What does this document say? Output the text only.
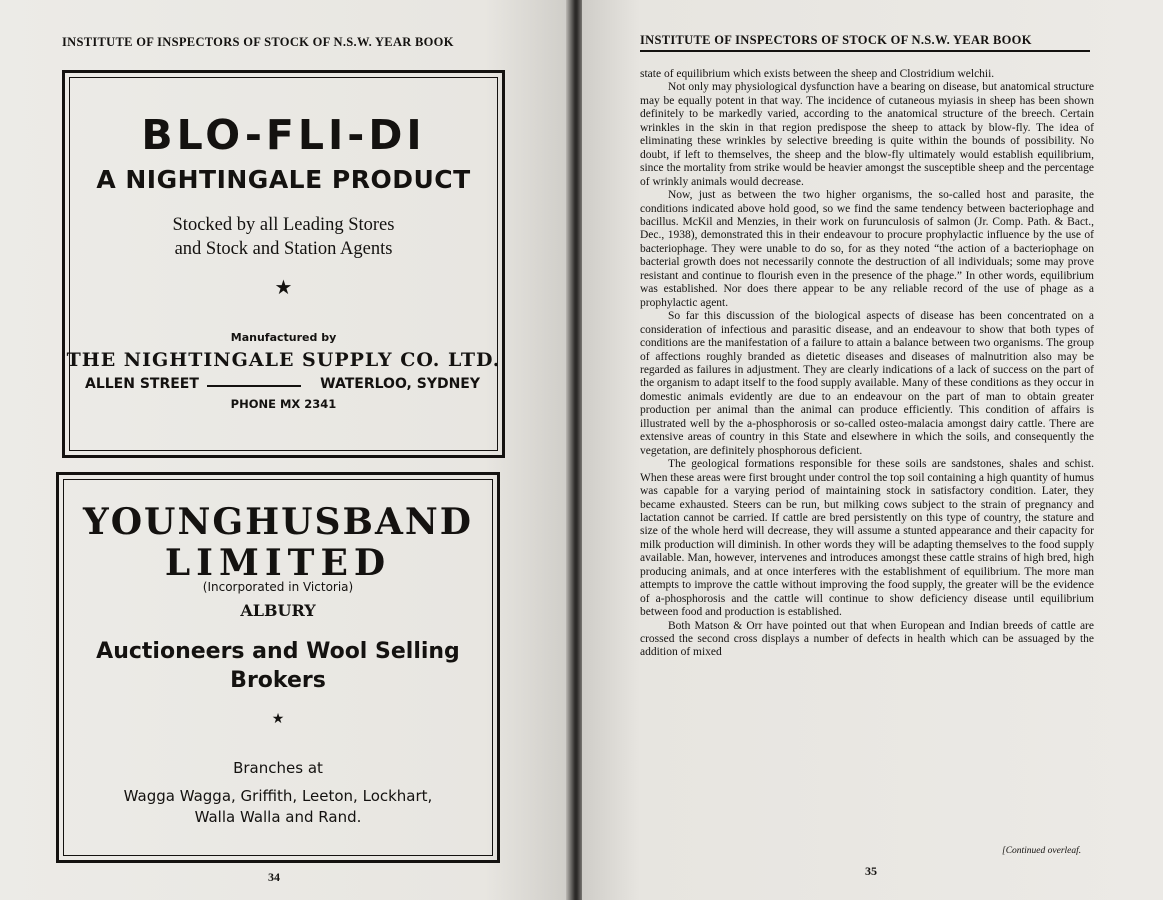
INSTITUTE OF INSPECTORS OF STOCK OF N.S.W. YEAR BOOK
BLO-FLI-DI
A NIGHTINGALE PRODUCT
Stocked by all Leading Stores
and Stock and Station Agents
★
Manufactured by
THE NIGHTINGALE SUPPLY CO. LTD.
ALLEN STREET	WATERLOO, SYDNEY
PHONE MX 2341
YOUNGHUSBAND
LIMITED
(Incorporated in Victoria)
ALBURY
Auctioneers and Wool Selling
Brokers
★
Branches at
Wagga Wagga, Griffith, Leeton, Lockhart,
Walla Walla and Rand.
34
INSTITUTE OF INSPECTORS OF STOCK OF N.S.W. YEAR BOOK

state of equilibrium which exists between the sheep and Clostridium welchii.

Not only may physiological dysfunction have a bearing on disease, but anatomical structure may be equally potent in that way. The incidence of cutaneous myiasis in sheep has been shown definitely to be markedly varied, according to the anatomical structure of the breech. Certain wrinkles in the skin in that region predispose the sheep to attack by blow-fly. The idea of eliminating these wrinkles by selective breeding is quite within the bounds of possibility. No doubt, if left to themselves, the sheep and the blow-fly ultimately would establish equilibrium, since the mortality from strike would be heavier amongst the susceptible sheep and the percentage of wrinkly animals would decrease.

Now, just as between the two higher organisms, the so-called host and parasite, the conditions indicated above hold good, so we find the same tendency between bacteriophage and bacillus. McKil and Menzies, in their work on furunculosis of salmon (Jr. Comp. Path. & Bact., Dec., 1938), demonstrated this in their endeavour to procure prophylactic influence by the use of bacteriophage. They were unable to do so, for as they noted “the action of a bacteriophage on bacterial growth does not necessarily connote the destruction of all individuals; some may prove resistant and continue to flourish even in the presence of the phage.” In other words, equilibrium was established. Nor does there appear to be any reliable record of the use of phage as a prophylactic agent.

So far this discussion of the biological aspects of disease has been concentrated on a consideration of infectious and parasitic disease, and an endeavour to show that both types of conditions are the manifestation of a failure to attain a balance between two organisms. The group of affections roughly branded as dietetic diseases and diseases of malnutrition also may be regarded as failures in adjustment. They are clearly indications of a lack of success on the part of the organism to adapt itself to the food supply available. Many of these conditions as they occur in domestic animals evidently are due to an endeavour on the part of man to obtain greater production per animal than the animal can produce efficiently. This condition of affairs is illustrated well by the a-phosphorosis or so-called osteo-malacia amongst dairy cattle. There are extensive areas of country in this State and elsewhere in which the soils, and consequently the vegetation, are definitely phosphorous deficient.

The geological formations responsible for these soils are sandstones, shales and schist. When these areas were first brought under control the top soil containing a high quantity of humus was capable for a varying period of maintaining stock in satisfactory condition. Later, they became exhausted. Steers can be run, but milking cows subject to the strain of pregnancy and lactation cannot be carried. If cattle are bred persistently on this type of country, the stature and size of the whole herd will decrease, they will assume a stunted appearance and their capacity for milk production will diminish. In other words they will be adapting themselves to the food supply available. Man, however, intervenes and introduces amongst these cattle strains of high bred, high producing animals, and at once interferes with the establishment of equilibrium. The more man attempts to improve the cattle without improving the food supply, the greater will be the evidence of a-phosphorosis and the cattle will continue to show deficiency disease until equilibrium between food and production is established.

Both Matson & Orr have pointed out that when European and Indian breeds of cattle are crossed the second cross displays a number of defects in health which can be assuaged by the addition of mixed

[Continued overleaf.
35
